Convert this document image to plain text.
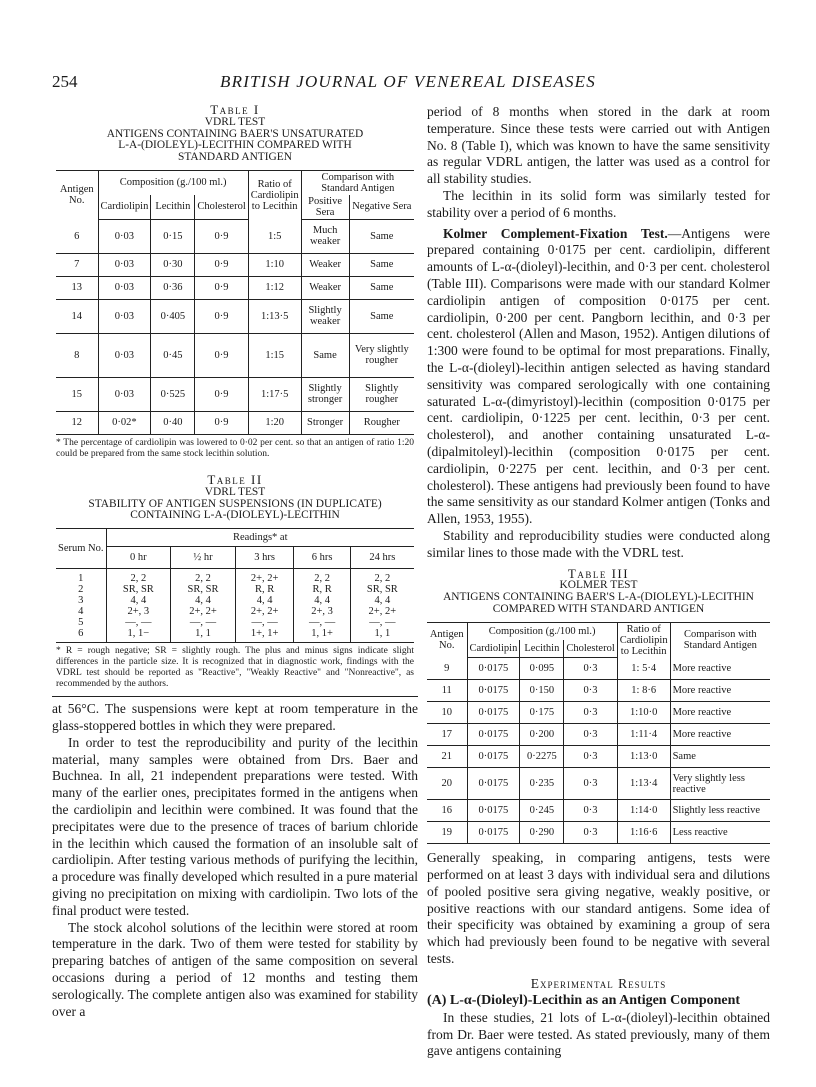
254	BRITISH JOURNAL OF VENEREAL DISEASES
Table I
VDRL TEST
ANTIGENS CONTAINING BAER'S UNSATURATED
L-Α-(DIOLEYL)-LECITHIN COMPARED WITH
STANDARD ANTIGEN
Antigen No.	Composition (g./100 ml.)			Ratio of Cardiolipin to Lecithin	Comparison with Standard Antigen	
	Cardiolipin	Lecithin	Cholesterol		Positive Sera	Negative Sera
6	0·03	0·15	0·9	1:5	Much weaker	Same
7	0·03	0·30	0·9	1:10	Weaker	Same
13	0·03	0·36	0·9	1:12	Weaker	Same
14	0·03	0·405	0·9	1:13·5	Slightly weaker	Same
8	0·03	0·45	0·9	1:15	Same	Very slightly rougher
15	0·03	0·525	0·9	1:17·5	Slightly stronger	Slightly rougher
12	0·02*	0·40	0·9	1:20	Stronger	Rougher
* The percentage of cardiolipin was lowered to 0·02 per cent. so that an antigen of ratio 1:20 could be prepared from the same stock lecithin solution.
Table II
VDRL TEST
STABILITY OF ANTIGEN SUSPENSIONS (IN DUPLICATE)
CONTAINING L-Α-(DIOLEYL)-LECITHIN
Serum No.	Readings* at				
	0 hr	½ hr	3 hrs	6 hrs	24 hrs
1	2, 2	2, 2	2+, 2+	2, 2	2, 2
2	SR, SR	SR, SR	R, R	R, R	SR, SR
3	4, 4	4, 4	4, 4	4, 4	4, 4
4	2+, 3	2+, 2+	2+, 2+	2+, 3	2+, 2+
5	—, —	—, —	—, —	—, —	—, —
6	1, 1−	1, 1	1+, 1+	1, 1+	1, 1
* R = rough negative; SR = slightly rough. The plus and minus signs indicate slight differences in the particle size. It is recognized that in diagnostic work, findings with the VDRL test should be reported as "Reactive", "Weakly Reactive" and "Nonreactive", as recommended by the authors.

at 56°C. The suspensions were kept at room temperature in the glass-stoppered bottles in which they were prepared.

In order to test the reproducibility and purity of the lecithin material, many samples were obtained from Drs. Baer and Buchnea. In all, 21 independent preparations were tested. With many of the earlier ones, precipitates formed in the antigens when the cardiolipin and lecithin were combined. It was found that the precipitates were due to the presence of traces of barium chloride in the lecithin which caused the formation of an insoluble salt of cardiolipin. After testing various methods of purifying the lecithin, a procedure was finally developed which resulted in a pure material giving no precipitation on mixing with cardiolipin. Two lots of the final product were tested.

The stock alcohol solutions of the lecithin were stored at room temperature in the dark. Two of them were tested for stability by preparing batches of antigen of the same composition on several occasions during a period of 12 months and testing them serologically. The complete antigen also was examined for stability over a

period of 8 months when stored in the dark at room temperature. Since these tests were carried out with Antigen No. 8 (Table I), which was known to have the same sensitivity as regular VDRL antigen, the latter was used as a control for all stability studies.

The lecithin in its solid form was similarly tested for stability over a period of 6 months.

Kolmer Complement-Fixation Test.—Antigens were prepared containing 0·0175 per cent. cardiolipin, different amounts of L-α-(dioleyl)-lecithin, and 0·3 per cent. cholesterol (Table III). Comparisons were made with our standard Kolmer cardiolipin antigen of composition 0·0175 per cent. cardiolipin, 0·200 per cent. Pangborn lecithin, and 0·3 per cent. cholesterol (Allen and Mason, 1952). Antigen dilutions of 1:300 were found to be optimal for most preparations. Finally, the L-α-(dioleyl)-lecithin antigen selected as having standard sensitivity was compared serologically with one containing saturated L-α-(dimyristoyl)-lecithin (composition 0·0175 per cent. cardiolipin, 0·1225 per cent. lecithin, 0·3 per cent. cholesterol), and another containing unsaturated L-α-(dipalmitoleyl)-lecithin (composition 0·0175 per cent. cardiolipin, 0·2275 per cent. lecithin, and 0·3 per cent. cholesterol). These antigens had previously been found to have the same sensitivity as our standard Kolmer antigen (Tonks and Allen, 1953, 1955).

Stability and reproducibility studies were conducted along similar lines to those made with the VDRL test.

Table III
KOLMER TEST
ANTIGENS CONTAINING BAER'S L-Α-(DIOLEYL)-LECITHIN
COMPARED WITH STANDARD ANTIGEN
Antigen No.	Composition (g./100 ml.)			Ratio of Cardiolipin to Lecithin	Comparison with Standard Antigen
	Cardiolipin	Lecithin	Cholesterol		
9	0·0175	0·095	0·3	1: 5·4	More reactive
11	0·0175	0·150	0·3	1: 8·6	More reactive
10	0·0175	0·175	0·3	1:10·0	More reactive
17	0·0175	0·200	0·3	1:11·4	More reactive
21	0·0175	0·2275	0·3	1:13·0	Same
20	0·0175	0·235	0·3	1:13·4	Very slightly less reactive
16	0·0175	0·245	0·3	1:14·0	Slightly less reactive
19	0·0175	0·290	0·3	1:16·6	Less reactive

Generally speaking, in comparing antigens, tests were performed on at least 3 days with individual sera and dilutions of pooled positive sera giving negative, weakly positive, or positive reactions with our standard antigens. Some idea of their specificity was obtained by examining a group of sera which had previously been found to be negative with several tests.

Experimental Results
(A) L-α-(Dioleyl)-Lecithin as an Antigen Component

In these studies, 21 lots of L-α-(dioleyl)-lecithin obtained from Dr. Baer were tested. As stated previously, many of them gave antigens containing
